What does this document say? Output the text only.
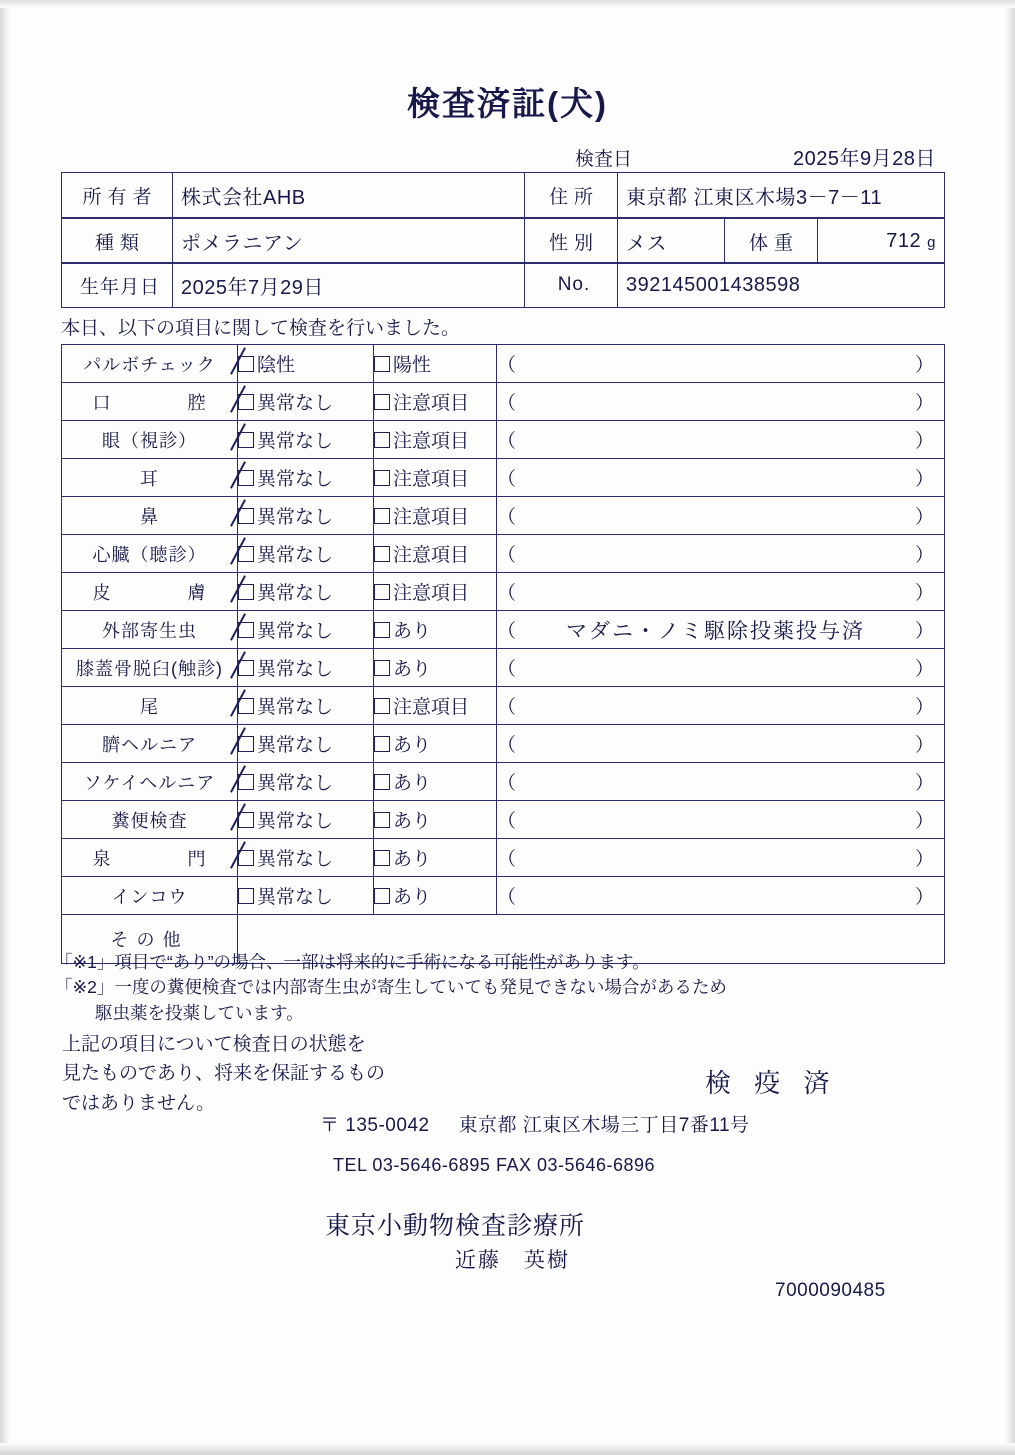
検査済証(犬)
検査日	2025年9月28日
所有者	株式会社AHB	住所	東京都 江東区木場3－7－11
種類	ポメラニアン	性別	メス	体重	712 g
生年月日	2025年7月29日	No.	392145001438598
本日、以下の項目に関して検査を行いました。
パルボチェック	陰性	陽性	（ ）

口　　　　腔	異常なし	注意項目	（ ）

眼（視診）	異常なし	注意項目	（ ）

耳	異常なし	注意項目	（ ）

鼻	異常なし	注意項目	（ ）

心臓（聴診）	異常なし	注意項目	（ ）

皮　　　　膚	異常なし	注意項目	（ ）

外部寄生虫	異常なし	あり	（ マダニ・ノミ駆除投薬投与済 ）

膝蓋骨脱臼(触診)	異常なし	あり	（ ）

尾	異常なし	注意項目	（ ）

臍ヘルニア	異常なし	あり	（ ）

ソケイヘルニア	異常なし	あり	（ ）

糞便検査	異常なし	あり	（ ）

泉　　　　門	異常なし	あり	（ ）

インコウ	異常なし	あり	（ ）

その他			
「※1」項目で“あり”の場合、一部は将来的に手術になる可能性があります。
「※2」一度の糞便検査では内部寄生虫が寄生していても発見できない場合があるため
駆虫薬を投薬しています。
上記の項目について検査日の状態を
見たものであり、将来を保証するもの
ではありません。
検 疫 済
〒 135-0042 東京都 江東区木場三丁目7番11号
TEL 03-5646-6895 FAX 03-5646-6896
東京小動物検査診療所
近藤　英樹
7000090485
